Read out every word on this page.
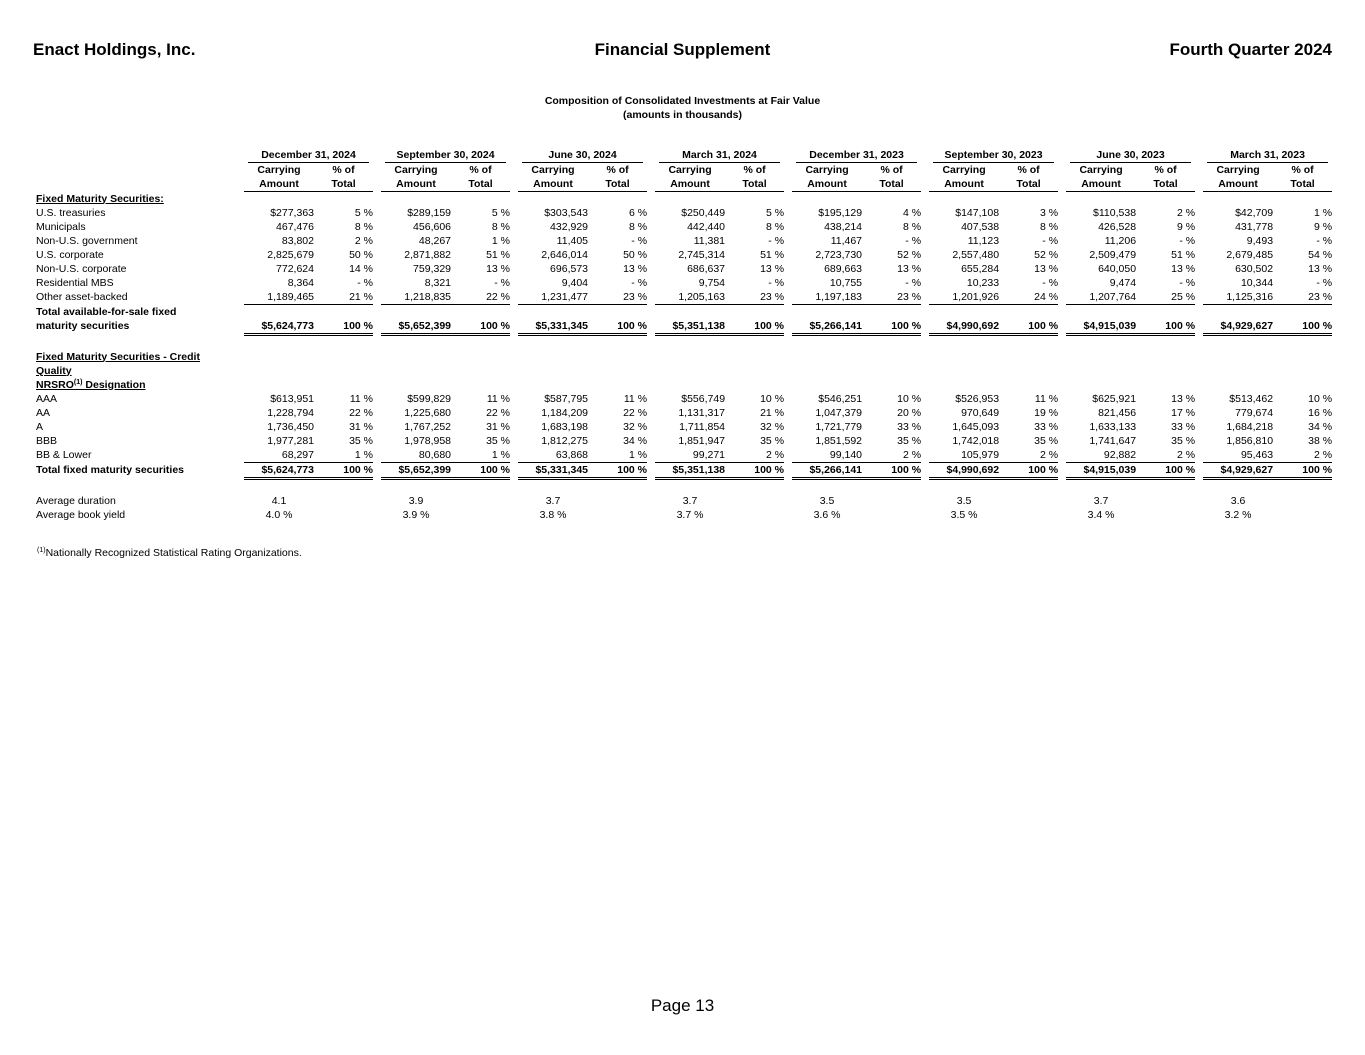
Enact Holdings, Inc.	Financial Supplement	Fourth Quarter 2024
Composition of Consolidated Investments at Fair Value
(amounts in thousands)

	December 31, 2024			September 30, 2024			June 30, 2024			March 31, 2024			December 31, 2023			September 30, 2023			June 30, 2023			March 31, 2023	

	Carrying	% of		Carrying	% of		Carrying	% of		Carrying	% of		Carrying	% of		Carrying	% of		Carrying	% of		Carrying	% of
	Amount	Total		Amount	Total		Amount	Total		Amount	Total		Amount	Total		Amount	Total		Amount	Total		Amount	Total
Fixed Maturity Securities:																							
U.S. treasuries	$277,363	5 %		$289,159	5 %		$303,543	6 %		$250,449	5 %		$195,129	4 %		$147,108	3 %		$110,538	2 %		$42,709	1 %
Municipals	467,476	8 %		456,606	8 %		432,929	8 %		442,440	8 %		438,214	8 %		407,538	8 %		426,528	9 %		431,778	9 %
Non-U.S. government	83,802	2 %		48,267	1 %		11,405	- %		11,381	- %		11,467	- %		11,123	- %		11,206	- %		9,493	- %
U.S. corporate	2,825,679	50 %		2,871,882	51 %		2,646,014	50 %		2,745,314	51 %		2,723,730	52 %		2,557,480	52 %		2,509,479	51 %		2,679,485	54 %
Non-U.S. corporate	772,624	14 %		759,329	13 %		696,573	13 %		686,637	13 %		689,663	13 %		655,284	13 %		640,050	13 %		630,502	13 %
Residential MBS	8,364	- %		8,321	- %		9,404	- %		9,754	- %		10,755	- %		10,233	- %		9,474	- %		10,344	- %
Other asset-backed	1,189,465	21 %		1,218,835	22 %		1,231,477	23 %		1,205,163	23 %		1,197,183	23 %		1,201,926	24 %		1,207,764	25 %		1,125,316	23 %
Total available-for-sale fixed																							
maturity securities	$5,624,773	100 %		$5,652,399	100 %		$5,331,345	100 %		$5,351,138	100 %		$5,266,141	100 %		$4,990,692	100 %		$4,915,039	100 %		$4,929,627	100 %

Fixed Maturity Securities - Credit																							
Quality																							
NRSRO$^{(1)}$ Designation																							
AAA	$613,951	11 %		$599,829	11 %		$587,795	11 %		$556,749	10 %		$546,251	10 %		$526,953	11 %		$625,921	13 %		$513,462	10 %
AA	1,228,794	22 %		1,225,680	22 %		1,184,209	22 %		1,131,317	21 %		1,047,379	20 %		970,649	19 %		821,456	17 %		779,674	16 %
A	1,736,450	31 %		1,767,252	31 %		1,683,198	32 %		1,711,854	32 %		1,721,779	33 %		1,645,093	33 %		1,633,133	33 %		1,684,218	34 %
BBB	1,977,281	35 %		1,978,958	35 %		1,812,275	34 %		1,851,947	35 %		1,851,592	35 %		1,742,018	35 %		1,741,647	35 %		1,856,810	38 %
BB & Lower	68,297	1 %		80,680	1 %		63,868	1 %		99,271	2 %		99,140	2 %		105,979	2 %		92,882	2 %		95,463	2 %
Total fixed maturity securities	$5,624,773	100 %		$5,652,399	100 %		$5,331,345	100 %		$5,351,138	100 %		$5,266,141	100 %		$4,990,692	100 %		$4,915,039	100 %		$4,929,627	100 %

Average duration	4.1			3.9			3.7			3.7			3.5			3.5			3.7			3.6	
Average book yield	4.0 %			3.9 %			3.8 %			3.7 %			3.6 %			3.5 %			3.4 %			3.2 %	
$^{(1)}$Nationally Recognized Statistical Rating Organizations.
Page 13
